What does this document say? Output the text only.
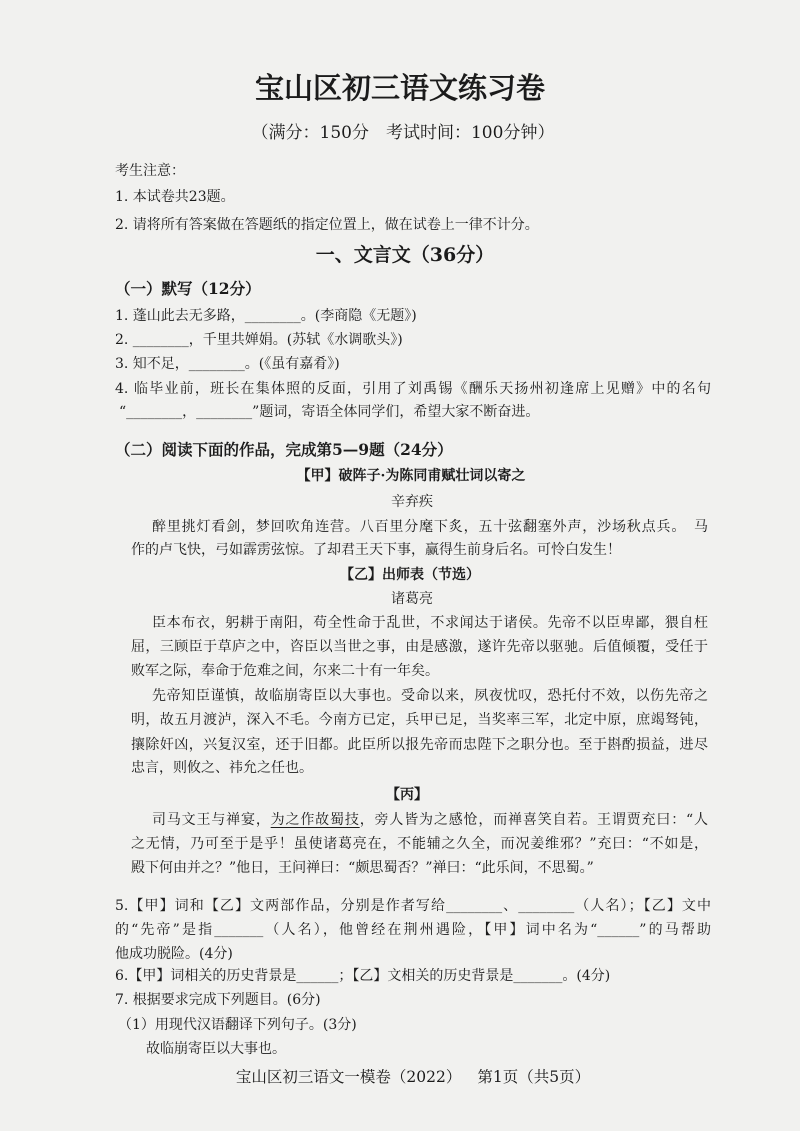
宝山区初三语文练习卷
（满分：150分　考试时间：100分钟）
考生注意：
1. 本试卷共23题。
2. 请将所有答案做在答题纸的指定位置上，做在试卷上一律不计分。
一、文言文（36分）
（一）默写（12分）
1. 蓬山此去无多路，________。(李商隐《无题》)
2. ________，千里共婵娟。(苏轼《水调歌头》)
3. 知不足，________。(《虽有嘉肴》)
4. 临毕业前，班长在集体照的反面，引用了刘禹锡《酬乐天扬州初逢席上见赠》中的名句
“________，________”题词，寄语全体同学们，希望大家不断奋进。
（二）阅读下面的作品，完成第5—9题（24分）
【甲】破阵子·为陈同甫赋壮词以寄之
辛弃疾
醉里挑灯看剑，梦回吹角连营。八百里分麾下炙，五十弦翻塞外声，沙场秋点兵。　马
作的卢飞快，弓如霹雳弦惊。了却君王天下事，赢得生前身后名。可怜白发生！
【乙】出师表（节选）
诸葛亮
臣本布衣，躬耕于南阳，苟全性命于乱世，不求闻达于诸侯。先帝不以臣卑鄙，猥自枉
屈，三顾臣于草庐之中，咨臣以当世之事，由是感激，遂许先帝以驱驰。后值倾覆，受任于
败军之际，奉命于危难之间，尔来二十有一年矣。
先帝知臣谨慎，故临崩寄臣以大事也。受命以来，夙夜忧叹，恐托付不效，以伤先帝之
明，故五月渡泸，深入不毛。今南方已定，兵甲已足，当奖率三军，北定中原，庶竭驽钝，
攘除奸凶，兴复汉室，还于旧都。此臣所以报先帝而忠陛下之职分也。至于斟酌损益，进尽
忠言，则攸之、祎允之任也。
【丙】
司马文王与禅宴，为之作故蜀技，旁人皆为之感怆，而禅喜笑自若。王谓贾充曰：“人
之无情，乃可至于是乎！虽使诸葛亮在，不能辅之久全，而况姜维邪？”充曰：“不如是，
殿下何由并之？”他日，王问禅曰：“颇思蜀否？”禅曰：“此乐间，不思蜀。”
5.【甲】词和【乙】文两部作品，分别是作者写给________、________（人名）；【乙】文中
的“先帝”是指_______（人名），他曾经在荆州遇险，【甲】词中名为“______”的马帮助
他成功脱险。(4分)
6.【甲】词相关的历史背景是______；【乙】文相关的历史背景是_______。(4分)
7. 根据要求完成下列题目。(6分)
（1）用现代汉语翻译下列句子。(3分)
故临崩寄臣以大事也。
宝山区初三语文一模卷（2022） 第1页（共5页）
